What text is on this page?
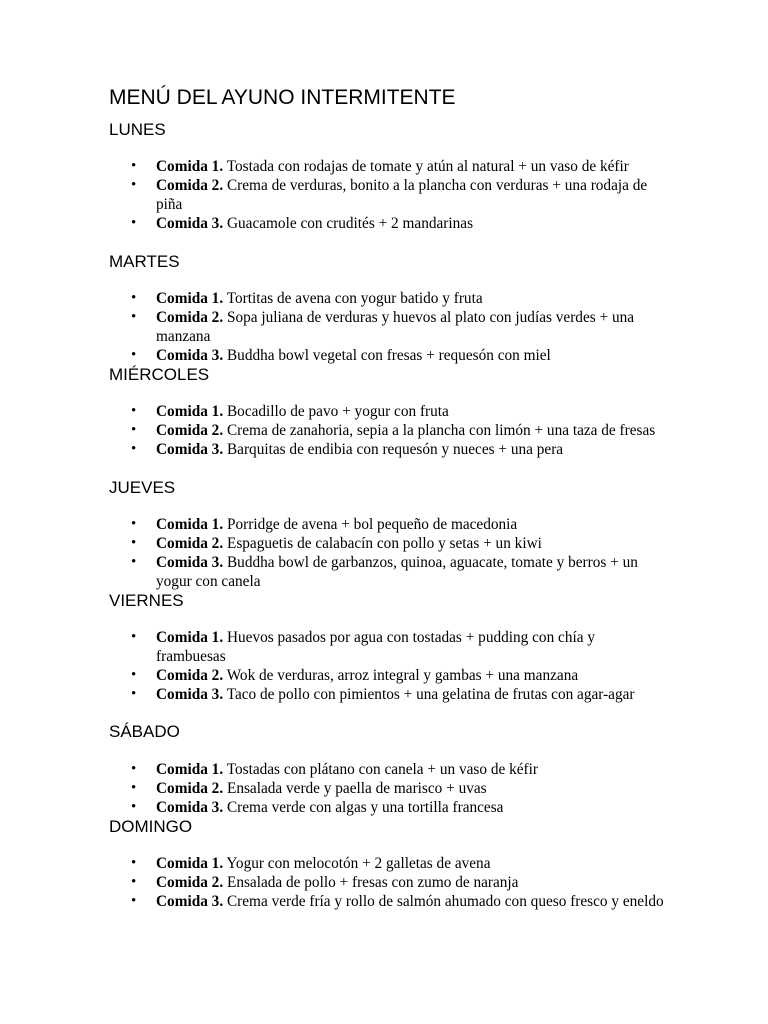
MENÚ DEL AYUNO INTERMITENTE
LUNES
• Comida 1. Tostada con rodajas de tomate y atún al natural + un vaso de kéfir
• Comida 2. Crema de verduras, bonito a la plancha con verduras + una rodaja de piña
• Comida 3. Guacamole con crudités + 2 mandarinas
MARTES
• Comida 1. Tortitas de avena con yogur batido y fruta
• Comida 2. Sopa juliana de verduras y huevos al plato con judías verdes + una manzana
• Comida 3. Buddha bowl vegetal con fresas + requesón con miel
MIÉRCOLES
• Comida 1. Bocadillo de pavo + yogur con fruta
• Comida 2. Crema de zanahoria, sepia a la plancha con limón + una taza de fresas
• Comida 3. Barquitas de endibia con requesón y nueces + una pera
JUEVES
• Comida 1. Porridge de avena + bol pequeño de macedonia
• Comida 2. Espaguetis de calabacín con pollo y setas + un kiwi
• Comida 3. Buddha bowl de garbanzos, quinoa, aguacate, tomate y berros + un yogur con canela
VIERNES
• Comida 1. Huevos pasados por agua con tostadas + pudding con chía y frambuesas
• Comida 2. Wok de verduras, arroz integral y gambas + una manzana
• Comida 3. Taco de pollo con pimientos + una gelatina de frutas con agar-agar
SÁBADO
• Comida 1. Tostadas con plátano con canela + un vaso de kéfir
• Comida 2. Ensalada verde y paella de marisco + uvas
• Comida 3. Crema verde con algas y una tortilla francesa
DOMINGO
• Comida 1. Yogur con melocotón + 2 galletas de avena
• Comida 2. Ensalada de pollo + fresas con zumo de naranja
• Comida 3. Crema verde fría y rollo de salmón ahumado con queso fresco y eneldo
